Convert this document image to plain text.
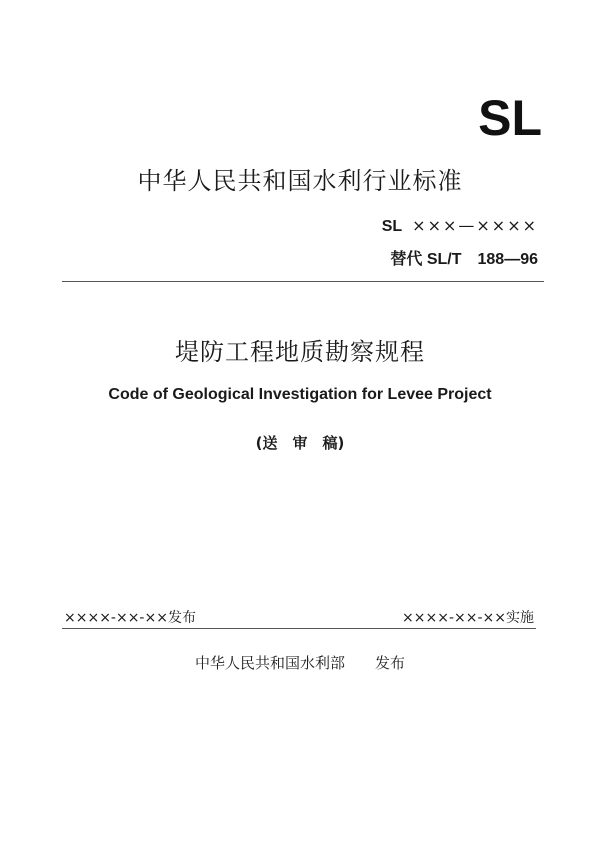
SL
中华人民共和国水利行业标准
SL ×××—××××
替代 SL/T　188—96
堤防工程地质勘察规程
Code of Geological Investigation for Levee Project
(送　审　稿)
××××-××-××发布	××××-××-××实施
中华人民共和国水利部 发布
